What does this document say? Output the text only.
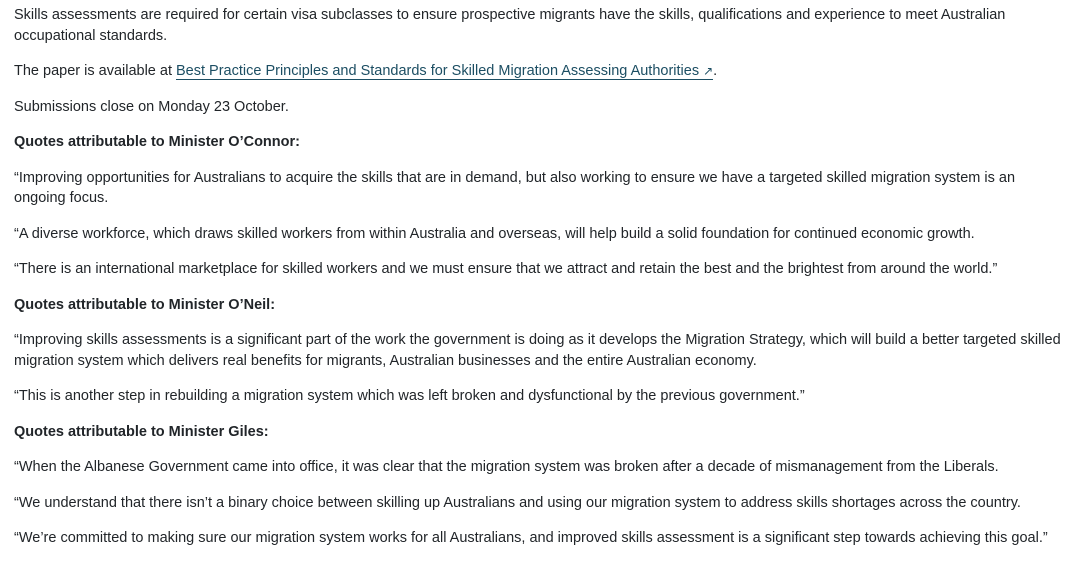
Skills assessments are required for certain visa subclasses to ensure prospective migrants have the skills, qualifications and experience to meet Australian occupational standards.

The paper is available at Best Practice Principles and Standards for Skilled Migration Assessing Authorities ↗.

Submissions close on Monday 23 October.

Quotes attributable to Minister O’Connor:

“Improving opportunities for Australians to acquire the skills that are in demand, but also working to ensure we have a targeted skilled migration system is an ongoing focus.

“A diverse workforce, which draws skilled workers from within Australia and overseas, will help build a solid foundation for continued economic growth.

“There is an international marketplace for skilled workers and we must ensure that we attract and retain the best and the brightest from around the world.”

Quotes attributable to Minister O’Neil:

“Improving skills assessments is a significant part of the work the government is doing as it develops the Migration Strategy, which will build a better targeted skilled migration system which delivers real benefits for migrants, Australian businesses and the entire Australian economy.

“This is another step in rebuilding a migration system which was left broken and dysfunctional by the previous government.”

Quotes attributable to Minister Giles:

“When the Albanese Government came into office, it was clear that the migration system was broken after a decade of mismanagement from the Liberals.

“We understand that there isn’t a binary choice between skilling up Australians and using our migration system to address skills shortages across the country.

“We’re committed to making sure our migration system works for all Australians, and improved skills assessment is a significant step towards achieving this goal.”
